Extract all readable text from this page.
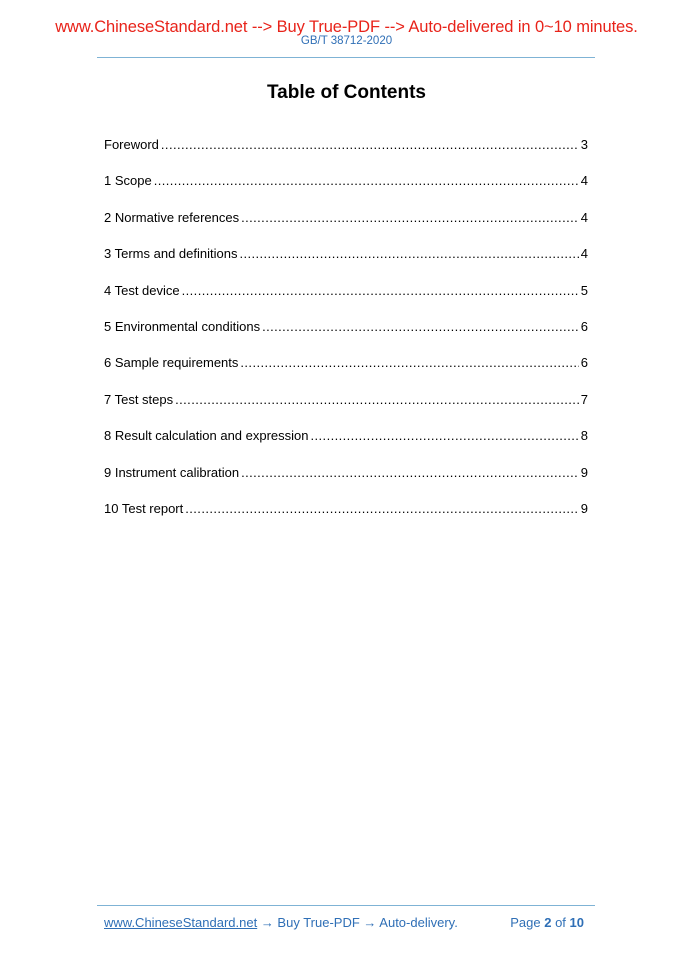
www.ChineseStandard.net --> Buy True-PDF --> Auto-delivered in 0~10 minutes.
GB/T 38712-2020
Table of Contents
Foreword .....	3
1 Scope .....	4
2 Normative references .....	4
3 Terms and definitions .....	4
4 Test device .....	5
5 Environmental conditions .....	6
6 Sample requirements .....	6
7 Test steps .....	7
8 Result calculation and expression .....	8
9 Instrument calibration .....	9
10 Test report .....	9
www.ChineseStandard.net → Buy True-PDF → Auto-delivery.	Page 2 of 10
